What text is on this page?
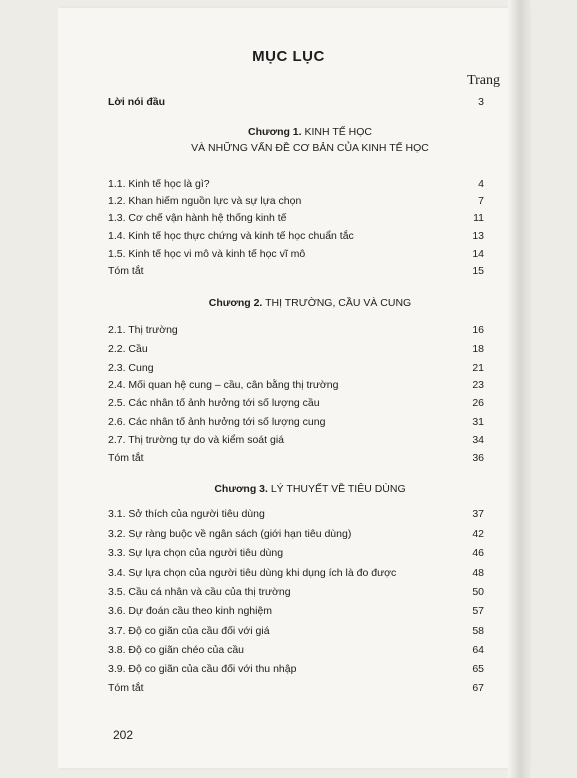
MỤC LỤC
Trang
Lời nói đầu	3
Chương 1. KINH TẾ HỌC
VÀ NHỮNG VẤN ĐỀ CƠ BẢN CỦA KINH TẾ HỌC
1.1. Kinh tế học là gì?	4
1.2. Khan hiếm nguồn lực và sự lựa chọn	7
1.3. Cơ chế vận hành hệ thống kinh tế	11
1.4. Kinh tế học thực chứng và kinh tế học chuẩn tắc	13
1.5. Kinh tế học vi mô và kinh tế học vĩ mô	14
Tóm tắt	15
Chương 2. THỊ TRƯỜNG, CẦU VÀ CUNG
2.1. Thị trường	16
2.2. Cầu	18
2.3. Cung	21
2.4. Mối quan hệ cung – cầu, cân bằng thị trường	23
2.5. Các nhân tố ảnh hưởng tới số lượng cầu	26
2.6. Các nhân tố ảnh hưởng tới số lượng cung	31
2.7. Thị trường tự do và kiểm soát giá	34
Tóm tắt	36
Chương 3. LÝ THUYẾT VỀ TIÊU DÙNG
3.1. Sở thích của người tiêu dùng	37
3.2. Sự ràng buộc về ngân sách (giới hạn tiêu dùng)	42
3.3. Sự lựa chọn của người tiêu dùng	46
3.4. Sự lựa chọn của người tiêu dùng khi dụng ích là đo được	48
3.5. Cầu cá nhân và cầu của thị trường	50
3.6. Dự đoán cầu theo kinh nghiệm	57
3.7. Độ co giãn của cầu đối với giá	58
3.8. Độ co giãn chéo của cầu	64
3.9. Độ co giãn của cầu đối với thu nhập	65
Tóm tắt	67
202
